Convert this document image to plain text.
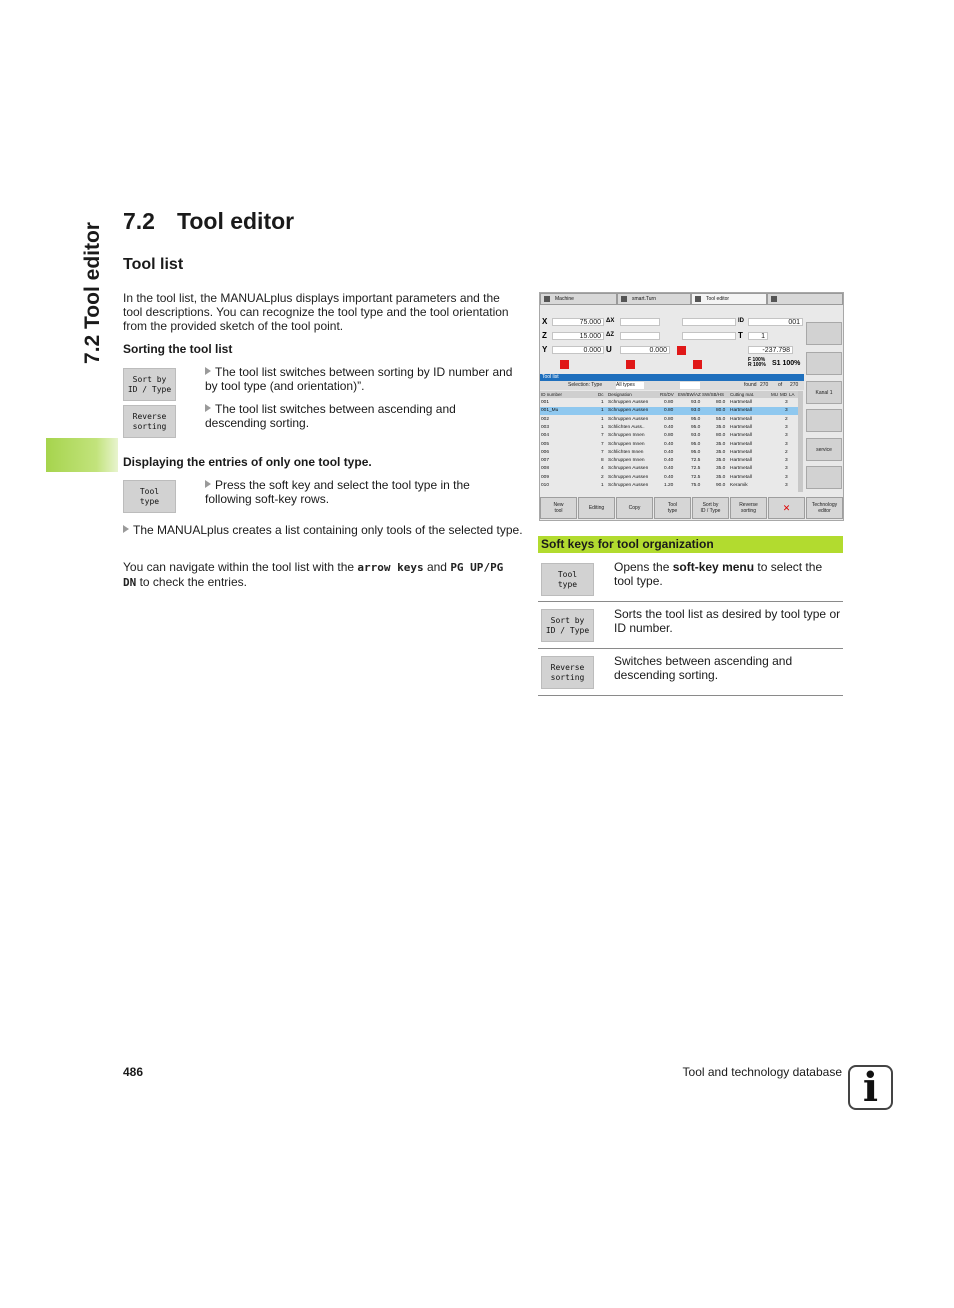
7.2 Tool editor
7.2 Tool editor
Tool list
In the tool list, the MANUALplus displays important parameters and the tool descriptions. You can recognize the tool type and the tool orientation from the provided sketch of the tool point.
Sorting the tool list
Sort by
ID / Type
The tool list switches between sorting by ID number and by tool type (and orientation)”.
Reverse
sorting
The tool list switches between ascending and descending sorting.
Displaying the entries of only one tool type.
Tool
type
Press the soft key and select the tool type in the following soft-key rows.
The MANUALplus creates a list containing only tools of the selected type.
You can navigate within the tool list with the arrow keys and PG UP/PG DN to check the entries.
Machine	smart.Turn	Tool editor
X	75.000 ΔX	ID	001
Z	15.000 ΔZ	T	1
Y	0.000 U	0.000	-237.798
F 100%
R 100% S1 100%
Kanal 1
service
Tool list
Selection: Type	All types	found 270 of 270
ID number	Dc Designation	RS/DV EW/BW/AZ SW/SB/HS Cutting mat.	MU MD LA
001	1 Schruppen Aussen	0.80	93.0	80.0 Hartmetall	3
001_Mu	1 Schruppen Aussen	0.80	93.0	80.0 Hartmetall	3
002	1 Schruppen Aussen	0.80	95.0	55.0 Hartmetall	2
003	1 Schlichten Auss..	0.40	95.0	35.0 Hartmetall	3
004	7 Schruppen Innen	0.80	93.0	80.0 Hartmetall	3
005	7 Schruppen Innen	0.40	95.0	35.0 Hartmetall	3
006	7 Schlichten Innen	0.40	95.0	35.0 Hartmetall	2
007	8 Schruppen Innen	0.40	72.5	35.0 Hartmetall	3
008	4 Schruppen Aussen	0.40	72.5	35.0 Hartmetall	3
009	2 Schruppen Aussen	0.40	72.5	35.0 Hartmetall	3
010	1 Schruppen Aussen	1.20	75.0	90.0 Keramik	3
New
tool	Editing	Copy	Tool
type
Sort by
ID / Type
Reverse
sorting	✕	Technology
editor
Soft keys for tool organization
Tool
type
Opens the soft-key menu to select the tool type.
Sort by
ID / Type
Sorts the tool list as desired by tool type or ID number.
Reverse
sorting
Switches between ascending and descending sorting.
486	Tool and technology database i
